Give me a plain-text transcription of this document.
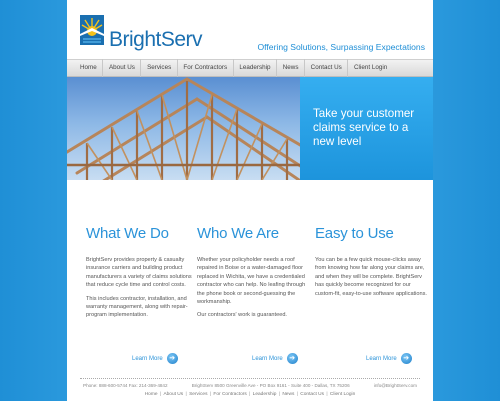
BrightServ	Offering Solutions, Surpassing Expectations
Home	About Us	Services	For Contractors	Leadership	News	Contact Us	Client Login
Take your customer claims service to a new level
What We Do

BrightServ provides property & casualty insurance carriers and building product manufacturers a variety of claims solutions that reduce cycle time and control costs.

This includes contractor, installation, and warranty management, along with repair-program implementation.

Who We Are

Whether your policyholder needs a roof repaired in Boise or a water-damaged floor replaced in Wichita, we have a credentialed contractor who can help. No leafing through the phone book or second-guessing the workmanship.

Our contractors' work is guaranteed.

Easy to Use

You can be a few quick mouse-clicks away from knowing how far along your claims are, and when they will be complete. BrightServ has quickly become recognized for our custom-fit, easy-to-use software applications.

Learn More ➔	Learn More ➔	Learn More ➔
Phone: 888-600-5744 Fax: 214-369-4842	BrightServ 8500 Greenville Ave - PO Box 9161 - Suite 400 - Dallas, TX 75206	info@BrightServ.com
Home | About Us | Services | For Contractors | Leadership | News | Contact Us | Client Login
